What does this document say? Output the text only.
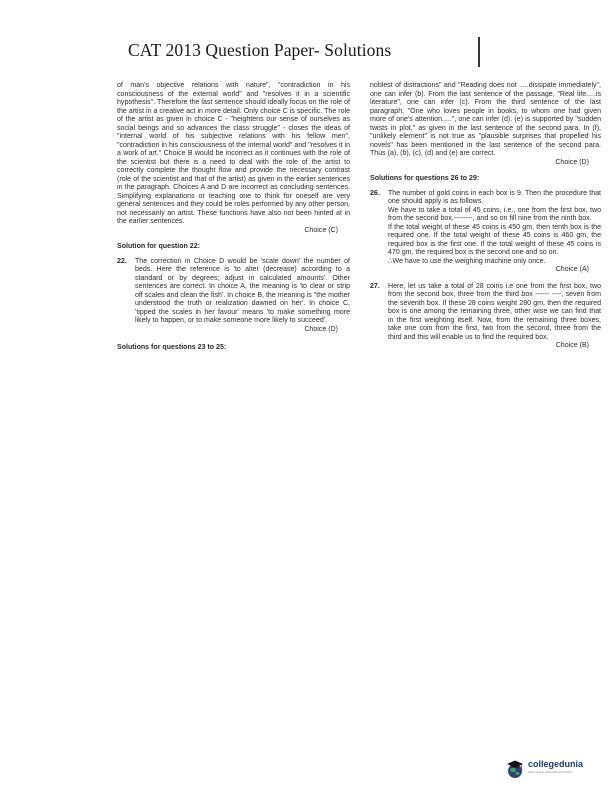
CAT 2013 Question Paper- Solutions

of man's objective relations with nature", "contradiction in his consciousness of the external world" and "resolves it in a scientific hypothesis". Therefore the last sentence should ideally focus on the role of the artist in a creative act in more detail. Only choice C is specific. The role of the artist as given in choice C - "heightens our sense of ourselves as social beings and so advances the class struggle" - closes the ideas of "internal world of his subjective relations with his fellow men", "contradiction in his consciousness of the internal world" and "resolves it in a work of art." Choice B would be incorrect as it continues with the role of the scientist but there is a need to deal with the role of the artist to correctly complete the thought flow and provide the necessary contrast (role of the scientist and that of the artist) as given in the earlier sentences in the paragraph. Choices A and D are incorrect as concluding sentences. Simplifying explanations or teaching one to think for oneself are very general sentences and they could be roles performed by any other person, not necessarily an artist. These functions have also not been hinted at in the earlier sentences.

Choice (C)
Solution for question 22:
22. The correction in Choice D would be 'scale down' the number of beds. Here the reference is 'to alter (decrease) according to a standard or by degrees; adjust in calculated amounts'. Other sentences are correct. In choice A, the meaning is 'to clear or strip off scales and clean the fish'. In choice B, the meaning is "the mother understood the truth or realization dawned on her'. In choice C, 'tipped the scales in her favour' means 'to make something more likely to happen, or to make someone more likely to succeed'.

Choice (D)
Solutions for questions 23 to 25:

noblest of distractions" and "Reading does not .....dissipate immediately", one can infer (b). From the last sentence of the passage, "Real life.....is literature", one can infer (c). From the third sentence of the last paragraph, "One who loves people in books, to whom one had given more of one's attention.....", one can infer (d). (e) is supported by "sudden twists in plot," as given in the last sentence of the second para. In (f), "unlikely element" is not true as "plausible surprises that propelled his novels" has been mentioned in the last sentence of the second para. Thus (a), (b), (c), (d) and (e) are correct.

Choice (D)
Solutions for questions 26 to 29:
26. The number of gold coins in each box is 9. Then the procedure that one should apply is as follows.

We have to take a total of 45 coins, i.e., one from the first box, two from the second box,--------, and so on fill nine from the ninth box.

If the total weight of these 45 coins is 450 gm, then tenth box is the required one. If the total weight of these 45 coins is 460 gm, the required box is the first one. If the total weight of these 45 coins is 470 gm, the required box is the second one and so on.

∴We have to use the weighing machine only once.

Choice (A)
27. Here, let us take a total of 28 coins i.e one from the first box, two from the second box, three from the third box ------ ----, seven from the seventh box. If these 28 coins weight 280 gm, then the required box is one among the remaining three, other wise we can find that in the first weighting itself. Now, from the remaining three boxes, take one coin from the first, two from the second, three from the third and this will enable us to find the required box.

Choice (B)
collegedunia
India's largest Student Review Platform
